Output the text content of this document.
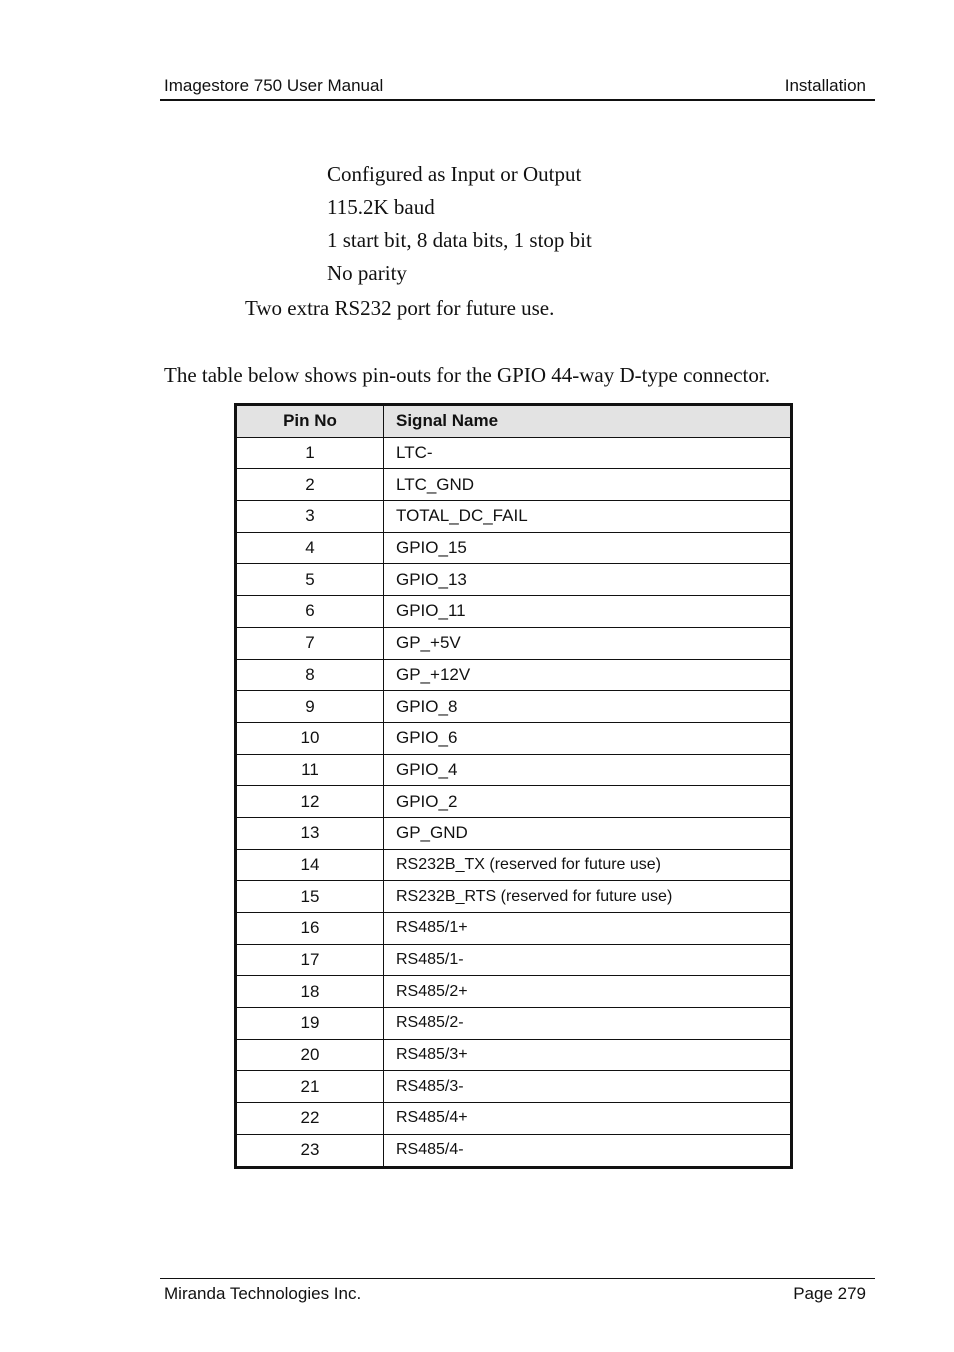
Imagestore 750 User Manual	Installation
Configured as Input or Output
115.2K baud
1 start bit, 8 data bits, 1 stop bit
No parity
Two extra RS232 port for future use.
The table below shows pin-outs for the GPIO 44-way D-type connector.
Pin No	Signal Name
1	LTC-
2	LTC_GND
3	TOTAL_DC_FAIL
4	GPIO_15
5	GPIO_13
6	GPIO_11
7	GP_+5V
8	GP_+12V
9	GPIO_8
10	GPIO_6
11	GPIO_4
12	GPIO_2
13	GP_GND
14	RS232B_TX (reserved for future use)
15	RS232B_RTS (reserved for future use)
16	RS485/1+
17	RS485/1-
18	RS485/2+
19	RS485/2-
20	RS485/3+
21	RS485/3-
22	RS485/4+
23	RS485/4-
Miranda Technologies Inc.	Page 279
